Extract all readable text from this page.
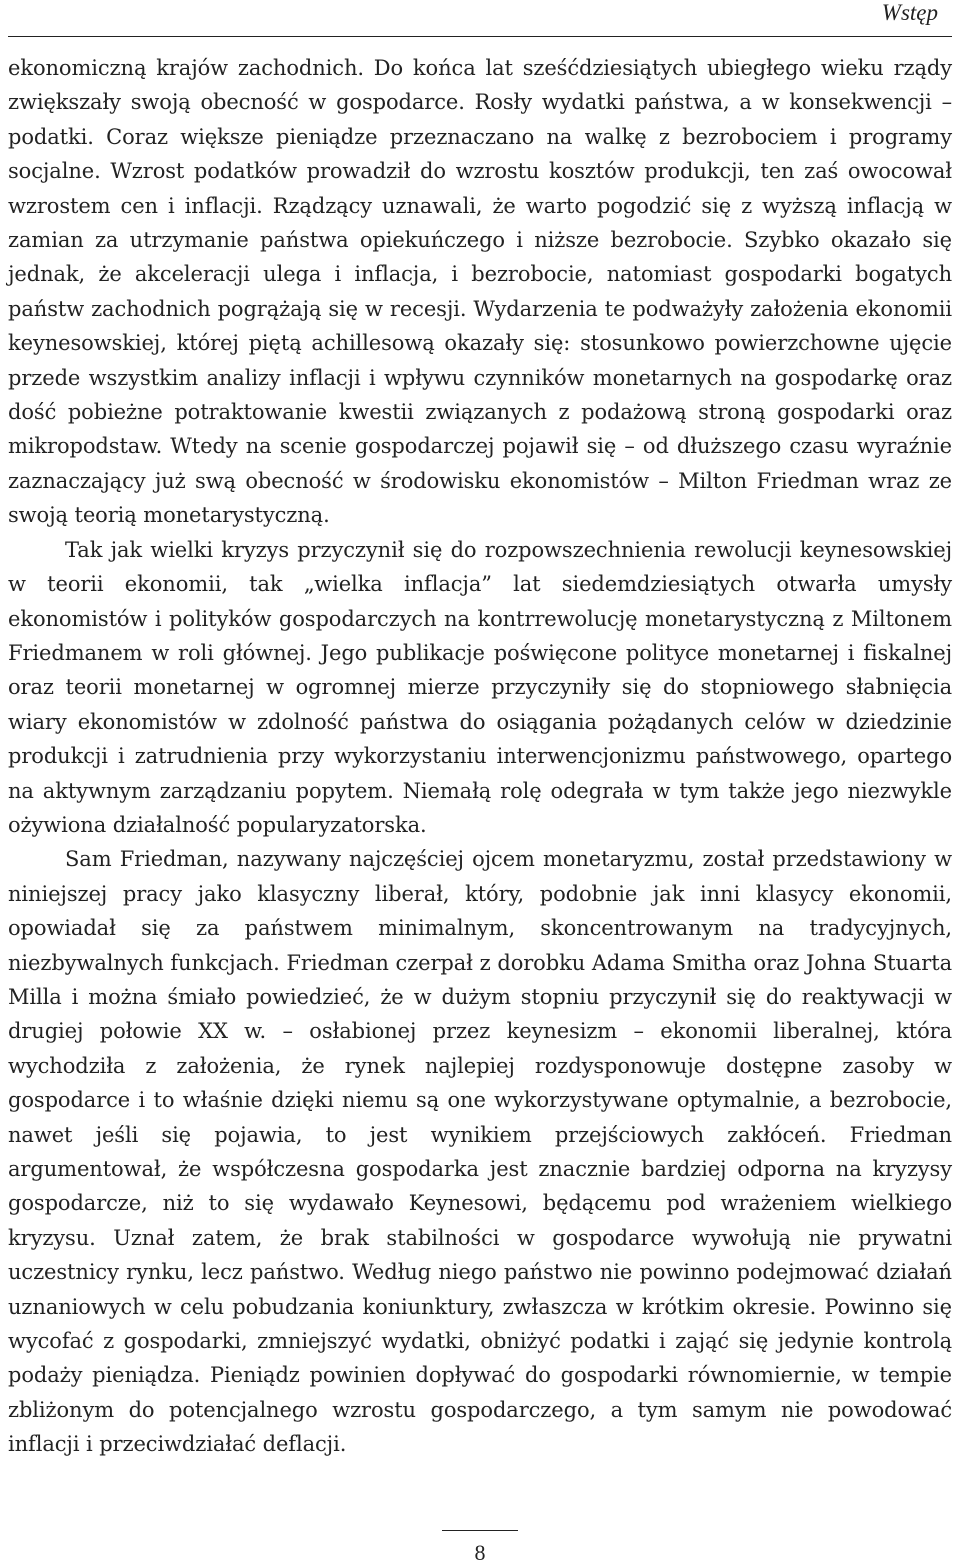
Wstęp

ekonomiczną krajów zachodnich. Do końca lat sześćdziesiątych ubiegłego wieku rządy zwiększały swoją obecność w gospodarce. Rosły wydatki państwa, a w konsekwencji – podatki. Coraz większe pieniądze przeznaczano na walkę z bezrobociem i programy socjalne. Wzrost podatków prowadził do wzrostu kosztów produkcji, ten zaś owocował wzrostem cen i inflacji. Rządzący uznawali, że warto pogodzić się z wyższą inflacją w zamian za utrzymanie państwa opiekuńczego i niższe bezrobocie. Szybko okazało się jednak, że akceleracji ulega i inflacja, i bezrobocie, natomiast gospodarki bogatych państw zachodnich pogrążają się w recesji. Wydarzenia te podważyły założenia ekonomii keynesowskiej, której piętą achillesową okazały się: stosunkowo powierzchowne ujęcie przede wszystkim analizy inflacji i wpływu czynników monetarnych na gospodarkę oraz dość pobieżne potraktowanie kwestii związanych z podażową stroną gospodarki oraz mikropodstaw. Wtedy na scenie gospodarczej pojawił się – od dłuższego czasu wyraźnie zaznaczający już swą obecność w środowisku ekonomistów – Milton Friedman wraz ze swoją teorią monetarystyczną.

Tak jak wielki kryzys przyczynił się do rozpowszechnienia rewolucji keynesowskiej w teorii ekonomii, tak „wielka inflacja” lat siedemdziesiątych otwarła umysły ekonomistów i polityków gospodarczych na kontrrewolucję monetarystyczną z Miltonem Friedmanem w roli głównej. Jego publikacje poświęcone polityce monetarnej i fiskalnej oraz teorii monetarnej w ogromnej mierze przyczyniły się do stopniowego słabnięcia wiary ekonomistów w zdolność państwa do osiągania pożądanych celów w dziedzinie produkcji i zatrudnienia przy wykorzystaniu interwencjonizmu państwowego, opartego na aktywnym zarządzaniu popytem. Niemałą rolę odegrała w tym także jego niezwykle ożywiona działalność popularyzatorska.

Sam Friedman, nazywany najczęściej ojcem monetaryzmu, został przedstawiony w niniejszej pracy jako klasyczny liberał, który, podobnie jak inni klasycy ekonomii, opowiadał się za państwem minimalnym, skoncentrowanym na tradycyjnych, niezbywalnych funkcjach. Friedman czerpał z dorobku Adama Smitha oraz Johna Stuarta Milla i można śmiało powiedzieć, że w dużym stopniu przyczynił się do reaktywacji w drugiej połowie XX w. – osłabionej przez keynesizm – ekonomii liberalnej, która wychodziła z założenia, że rynek najlepiej rozdysponowuje dostępne zasoby w gospodarce i to właśnie dzięki niemu są one wykorzystywane optymalnie, a bezrobocie, nawet jeśli się pojawia, to jest wynikiem przejściowych zakłóceń. Friedman argumentował, że współczesna gospodarka jest znacznie bardziej odporna na kryzysy gospodarcze, niż to się wydawało Keynesowi, będącemu pod wrażeniem wielkiego kryzysu. Uznał zatem, że brak stabilności w gospodarce wywołują nie prywatni uczestnicy rynku, lecz państwo. Według niego państwo nie powinno podejmować działań uznaniowych w celu pobudzania koniunktury, zwłaszcza w krótkim okresie. Powinno się wycofać z gospodarki, zmniejszyć wydatki, obniżyć podatki i zająć się jedynie kontrolą podaży pieniądza. Pieniądz powinien dopływać do gospodarki równomiernie, w tempie zbliżonym do potencjalnego wzrostu gospodarczego, a tym samym nie powodować inflacji i przeciwdziałać deflacji.

8
